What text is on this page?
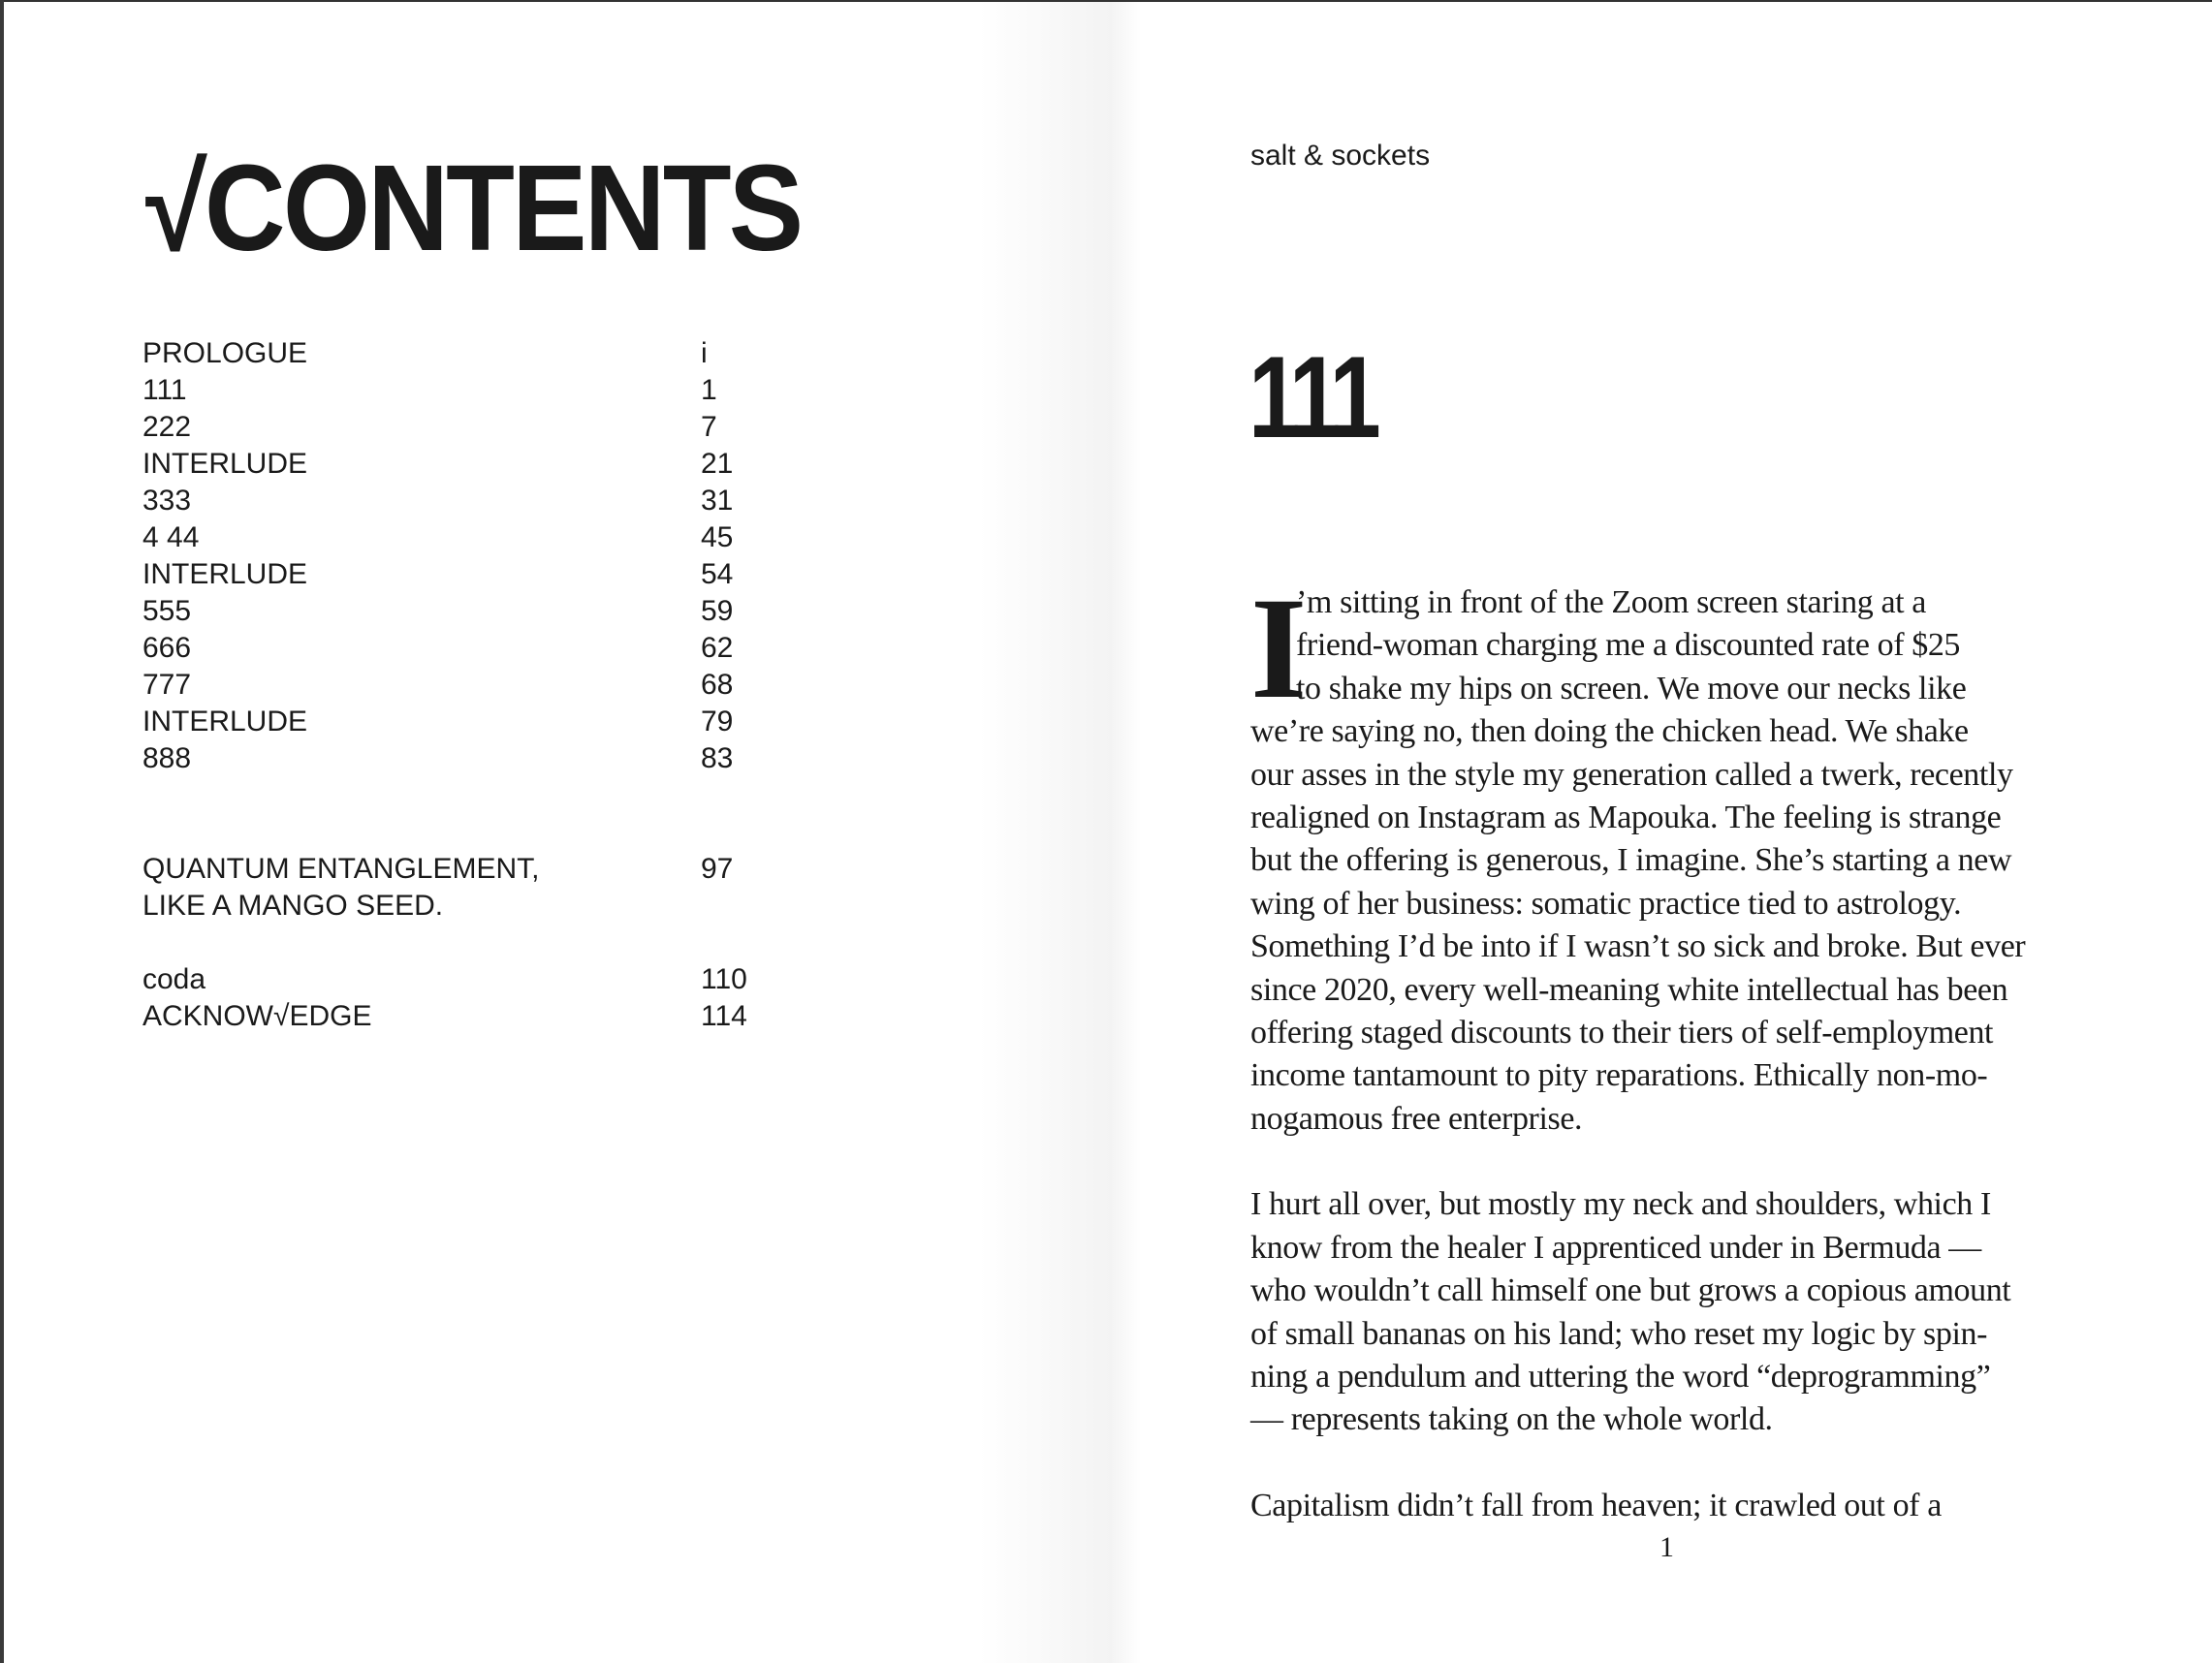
√CONTENTS
PROLOGUE	i
111	1
222	7
INTERLUDE	21
333	31
4 44	45
INTERLUDE	54
555	59
666	62
777	68
INTERLUDE	79
888	83
QUANTUM ENTANGLEMENT,	97
LIKE A MANGO SEED.
coda	110
ACKNOW√EDGE	114
salt & sockets
111
I
’m sitting in front of the Zoom screen staring at a
friend-woman charging me a discounted rate of $25
to shake my hips on screen. We move our necks like
we’re saying no, then doing the chicken head. We shake
our asses in the style my generation called a twerk, recently
realigned on Instagram as Mapouka. The feeling is strange
but the offering is generous, I imagine. She’s starting a new
wing of her business: somatic practice tied to astrology.
Something I’d be into if I wasn’t so sick and broke. But ever
since 2020, every well-meaning white intellectual has been
offering staged discounts to their tiers of self-employment
income tantamount to pity reparations. Ethically non-mo-
nogamous free enterprise.
I hurt all over, but mostly my neck and shoulders, which I
know from the healer I apprenticed under in Bermuda —
who wouldn’t call himself one but grows a copious amount
of small bananas on his land; who reset my logic by spin-
ning a pendulum and uttering the word “deprogramming”
— represents taking on the whole world.
Capitalism didn’t fall from heaven; it crawled out of a
1
